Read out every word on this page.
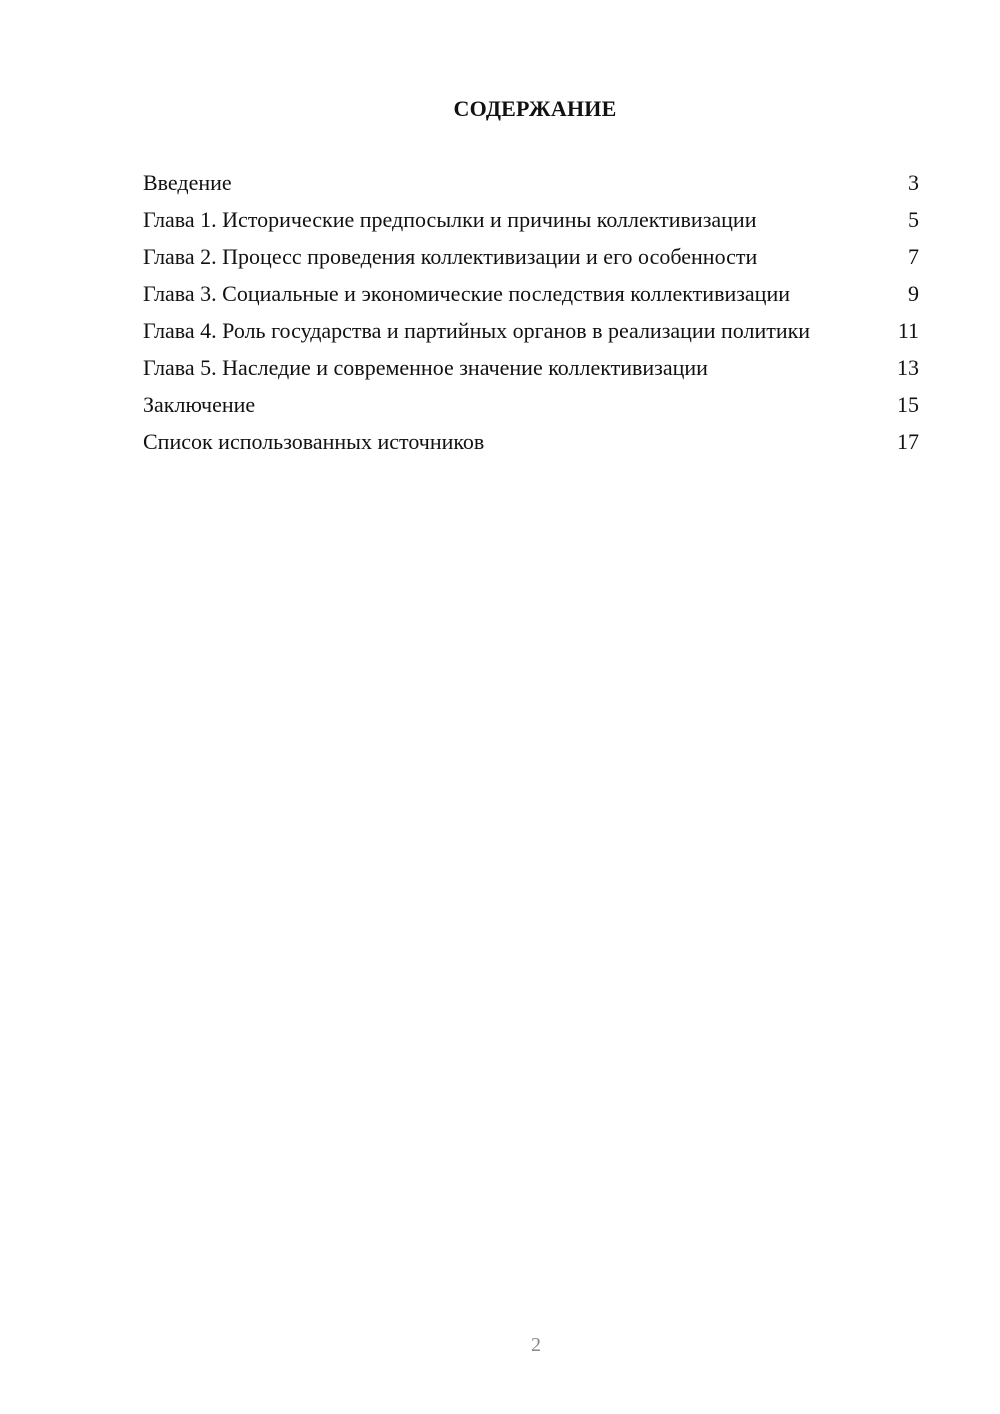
СОДЕРЖАНИЕ
Введение	3
Глава 1. Исторические предпосылки и причины коллективизации	5
Глава 2. Процесс проведения коллективизации и его особенности	7
Глава 3. Социальные и экономические последствия коллективизации	9
Глава 4. Роль государства и партийных органов в реализации политики	11
Глава 5. Наследие и современное значение коллективизации	13
Заключение	15
Список использованных источников	17
2
